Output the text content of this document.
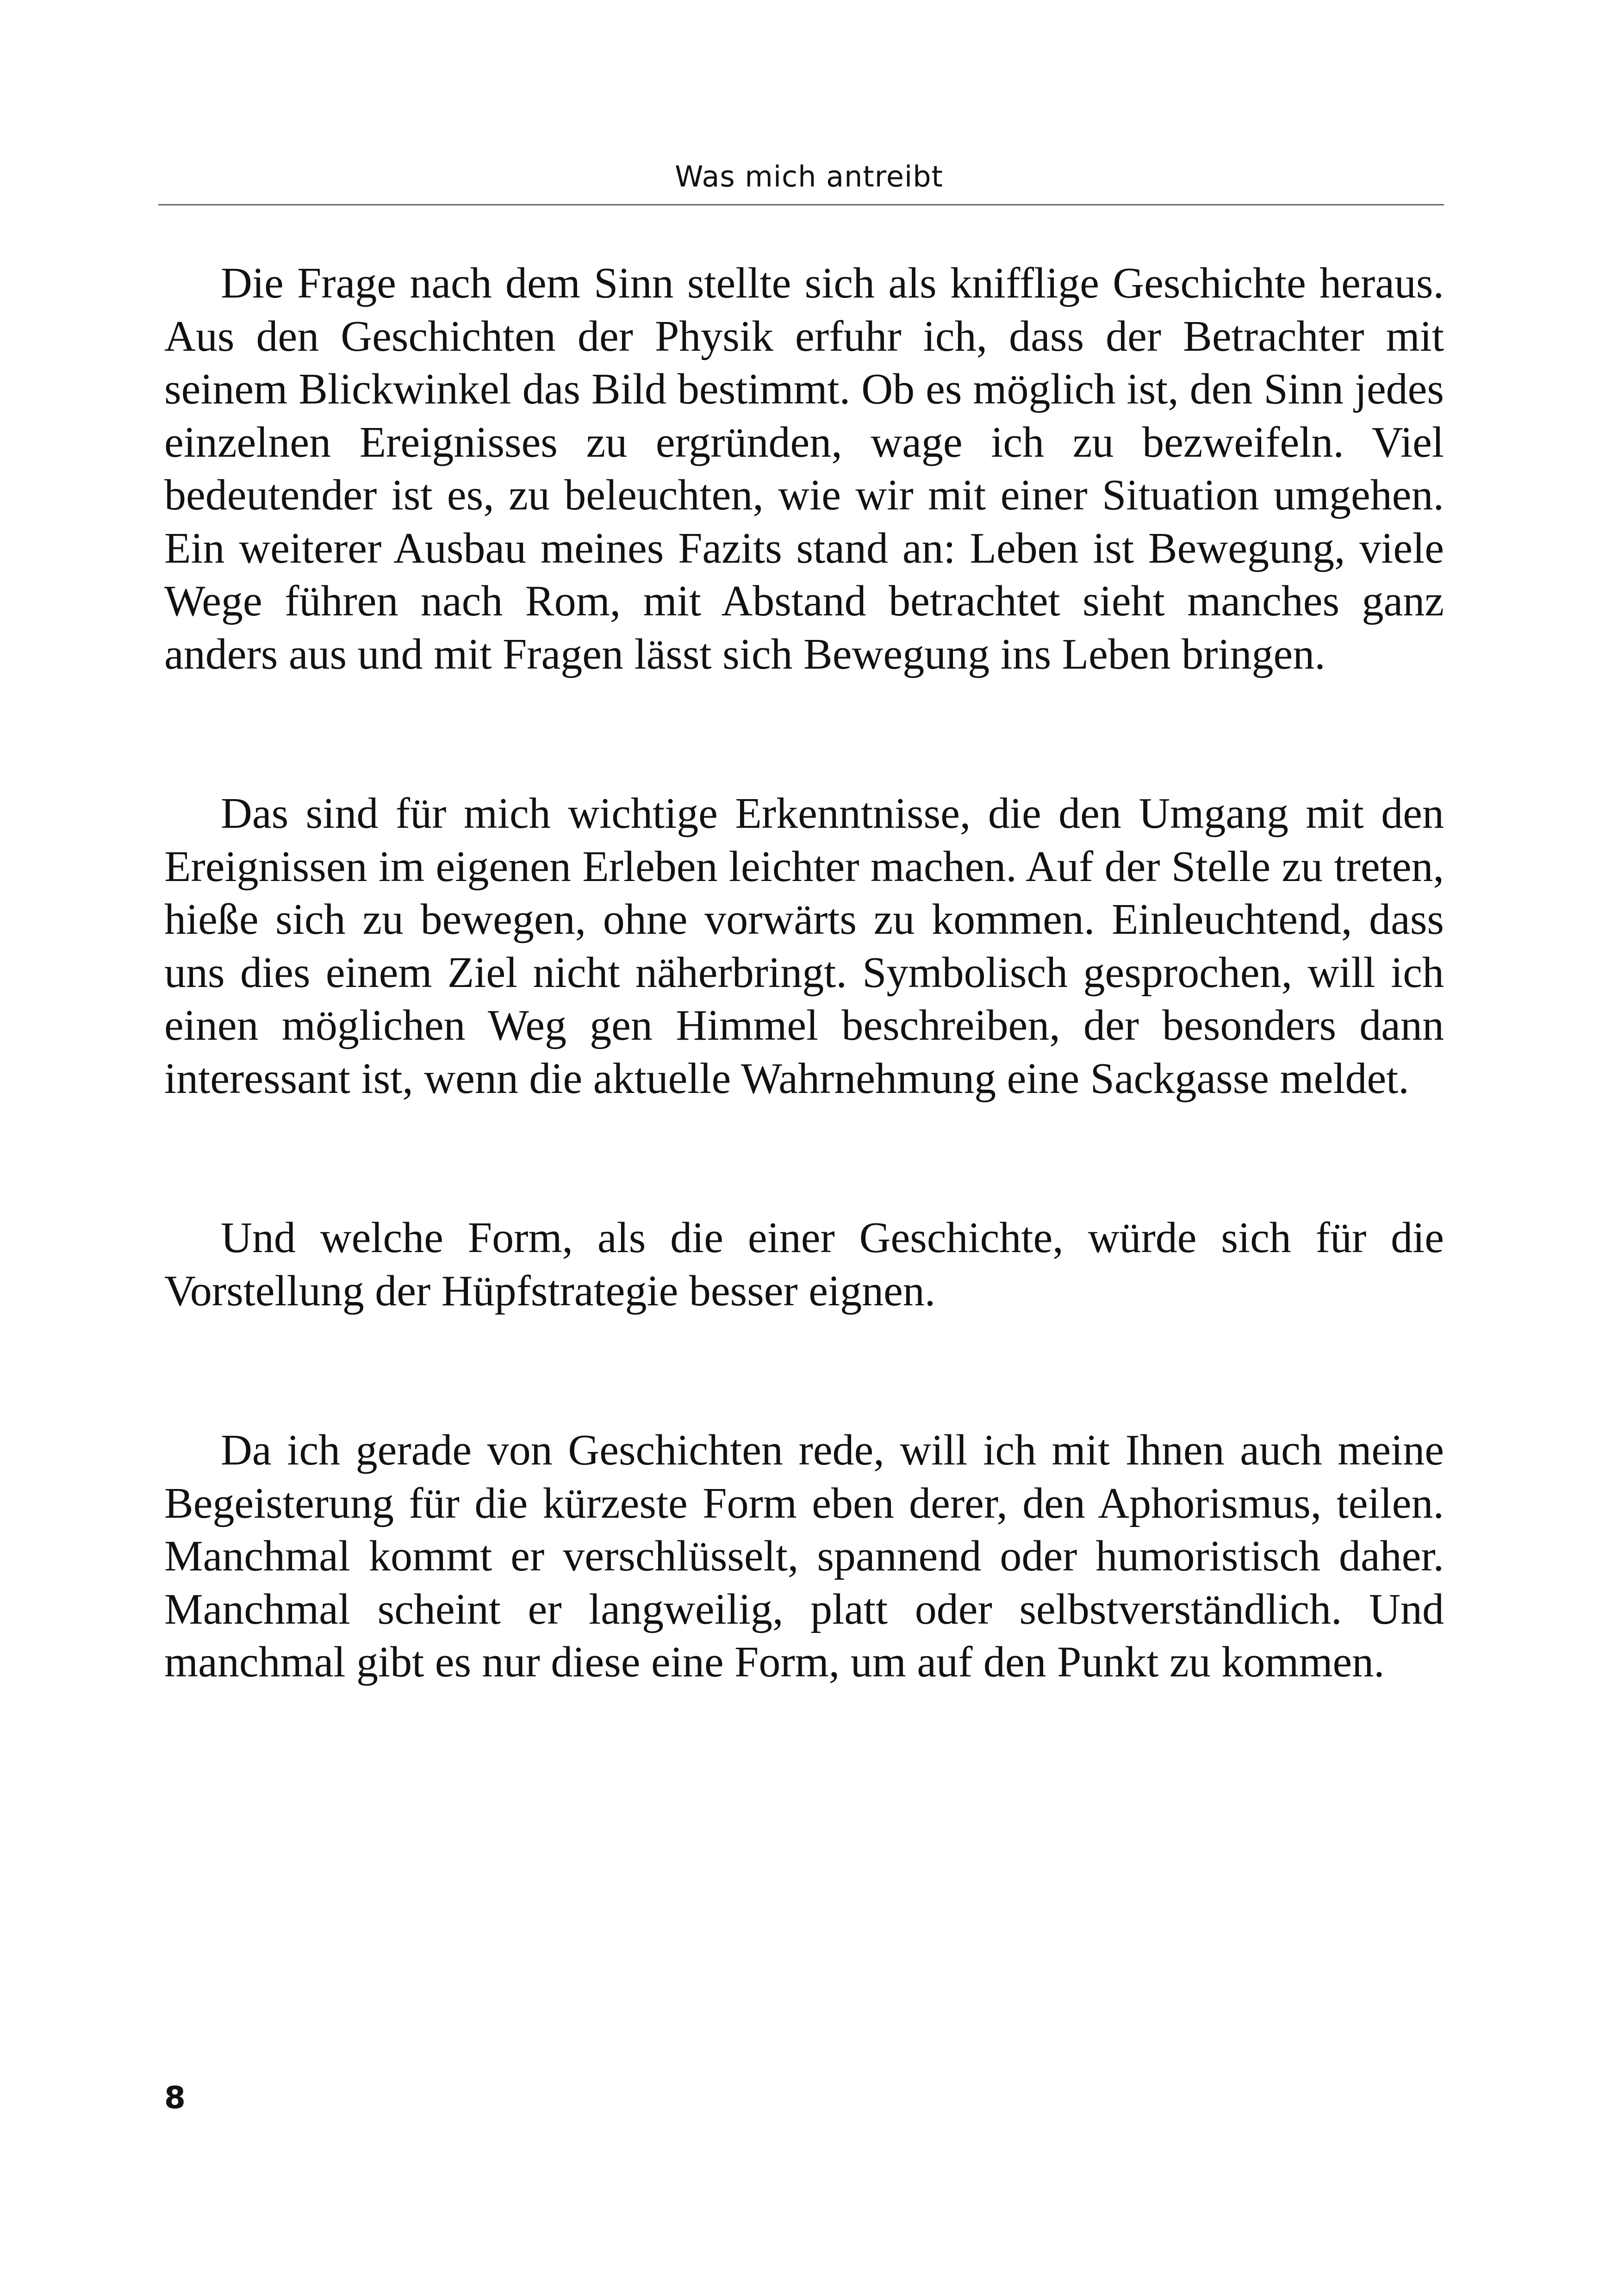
Was mich antreibt

Die Frage nach dem Sinn stellte sich als knifflige Geschichte heraus. Aus den Geschichten der Physik erfuhr ich, dass der Betrachter mit seinem Blickwinkel das Bild bestimmt. Ob es möglich ist, den Sinn jedes einzelnen Ereignisses zu ergründen, wage ich zu bezweifeln. Viel bedeutender ist es, zu beleuchten, wie wir mit einer Situation umgehen. Ein weiterer Ausbau meines Fazits stand an: Leben ist Bewegung, viele Wege führen nach Rom, mit Abstand betrachtet sieht manches ganz anders aus und mit Fragen lässt sich Bewegung ins Leben bringen.

Das sind für mich wichtige Erkenntnisse, die den Umgang mit den Ereignissen im eigenen Erleben leichter machen. Auf der Stelle zu treten, hieße sich zu bewegen, ohne vorwärts zu kommen. Einleuchtend, dass uns dies einem Ziel nicht näherbringt. Symbolisch gesprochen, will ich einen möglichen Weg gen Himmel beschreiben, der besonders dann interessant ist, wenn die aktuelle Wahrnehmung eine Sackgasse meldet.

Und welche Form, als die einer Geschichte, würde sich für die Vorstellung der Hüpfstrategie besser eignen.

Da ich gerade von Geschichten rede, will ich mit Ihnen auch meine Begeisterung für die kürzeste Form eben derer, den Aphorismus, teilen. Manchmal kommt er verschlüsselt, spannend oder humoristisch daher. Manchmal scheint er langweilig, platt oder selbstverständlich. Und manchmal gibt es nur diese eine Form, um auf den Punkt zu kommen.

8
